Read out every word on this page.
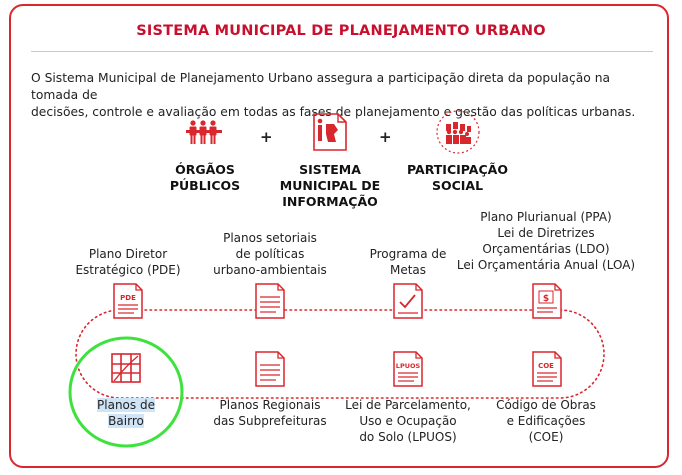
SISTEMA MUNICIPAL DE PLANEJAMENTO URBANO
O Sistema Municipal de Planejamento Urbano assegura a participação direta da população na tomada de
decisões, controle e avaliação em todas as fases de planejamento e gestão das políticas urbanas.
PDE	$
LPUOS	COE
ÓRGÃOS
PÚBLICOS
+
SISTEMA
MUNICIPAL DE
INFORMAÇÃO
+
PARTICIPAÇÃO
SOCIAL
Plano Diretor
Estratégico (PDE)
Planos setoriais
de políticas
urbano-ambientais
Programa de
Metas
Plano Plurianual (PPA)
Lei de Diretrizes
Orçamentárias (LDO)
Lei Orçamentária Anual (LOA)
Planos de
Bairro
Planos Regionais
das Subprefeituras
Lei de Parcelamento,
Uso e Ocupação
do Solo (LPUOS)
Código de Obras
e Edificações
(COE)
